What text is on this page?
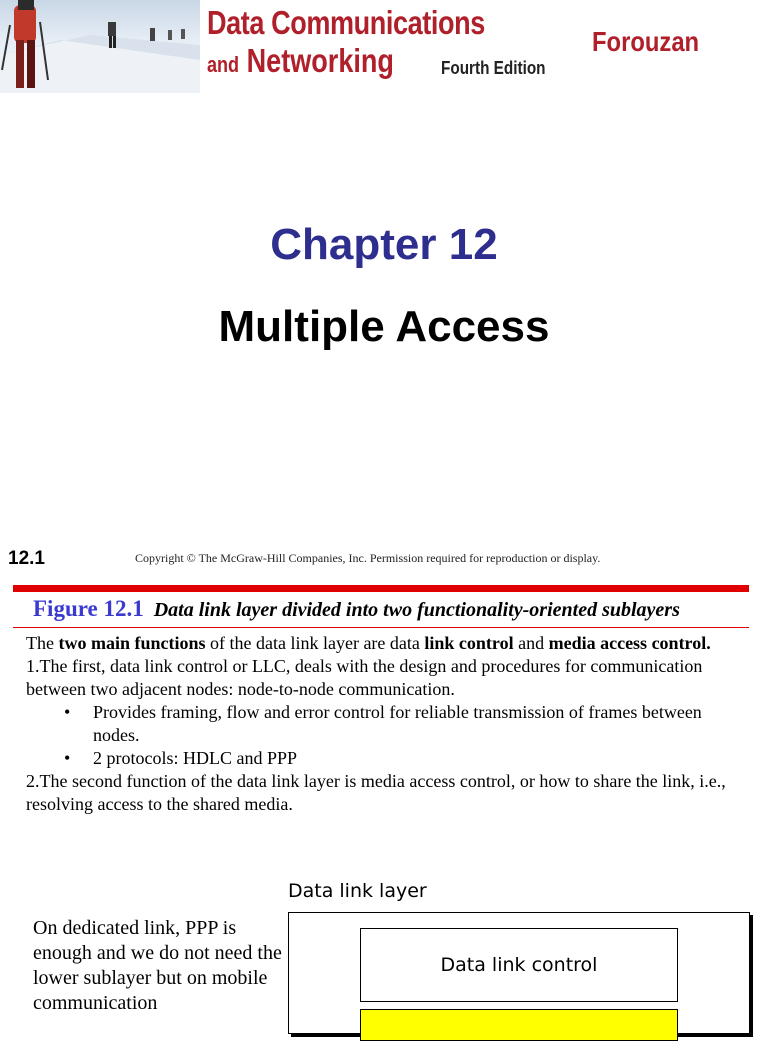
Data Communications
and Networking	Fourth Edition
Forouzan
Chapter 12
Multiple Access
12.1	Copyright © The McGraw-Hill Companies, Inc. Permission required for reproduction or display.
Figure 12.1 Data link layer divided into two functionality-oriented sublayers

The two main functions of the data link layer are data link control and media access control.

1.The first, data link control or LLC, deals with the design and procedures for communication between two adjacent nodes: node-to-node communication.

• Provides framing, flow and error control for reliable transmission of frames between nodes.
• 2 protocols: HDLC and PPP

2.The second function of the data link layer is media access control, or how to share the link, i.e., resolving access to the shared media.

On dedicated link, PPP is enough and we do not need the lower sublayer but on mobile communication
Data link layer
Data link control
